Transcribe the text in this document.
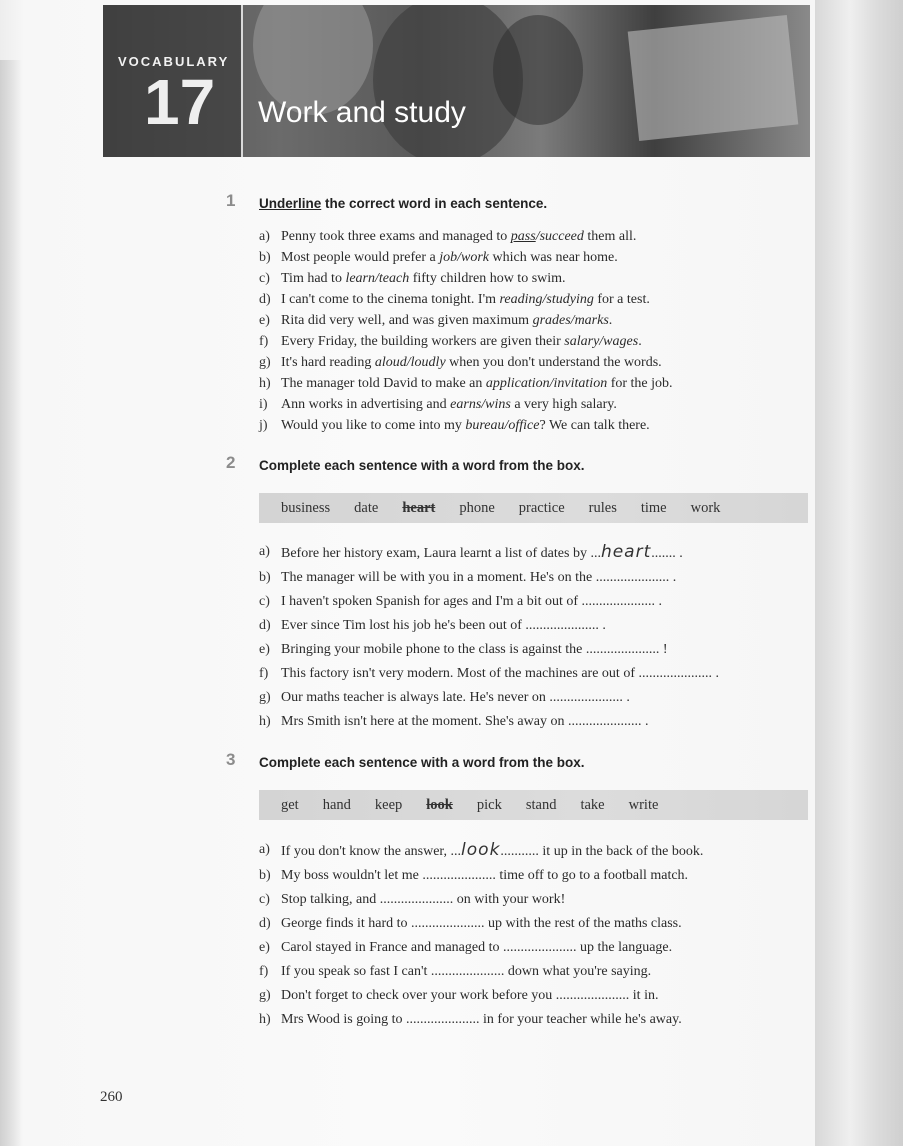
VOCABULARY
17 Work and study
1 Underline the correct word in each sentence.
a) Penny took three exams and managed to pass/succeed them all.
b) Most people would prefer a job/work which was near home.
c) Tim had to learn/teach fifty children how to swim.
d) I can't come to the cinema tonight. I'm reading/studying for a test.
e) Rita did very well, and was given maximum grades/marks.
f) Every Friday, the building workers are given their salary/wages.
g) It's hard reading aloud/loudly when you don't understand the words.
h) The manager told David to make an application/invitation for the job.
i) Ann works in advertising and earns/wins a very high salary.
j) Would you like to come into my bureau/office? We can talk there.
2 Complete each sentence with a word from the box.
business date heart phone practice rules time work
a) Before her history exam, Laura learnt a list of dates by ...heart....... .
b) The manager will be with you in a moment. He's on the ..................... .
c) I haven't spoken Spanish for ages and I'm a bit out of ..................... .
d) Ever since Tim lost his job he's been out of ..................... .
e) Bringing your mobile phone to the class is against the ..................... !
f) This factory isn't very modern. Most of the machines are out of ..................... .
g) Our maths teacher is always late. He's never on ..................... .
h) Mrs Smith isn't here at the moment. She's away on ..................... .
3 Complete each sentence with a word from the box.
get hand keep look pick stand take write
a) If you don't know the answer, ...look........... it up in the back of the book.
b) My boss wouldn't let me ..................... time off to go to a football match.
c) Stop talking, and ..................... on with your work!
d) George finds it hard to ..................... up with the rest of the maths class.
e) Carol stayed in France and managed to ..................... up the language.
f) If you speak so fast I can't ..................... down what you're saying.
g) Don't forget to check over your work before you ..................... it in.
h) Mrs Wood is going to ..................... in for your teacher while he's away.
260
